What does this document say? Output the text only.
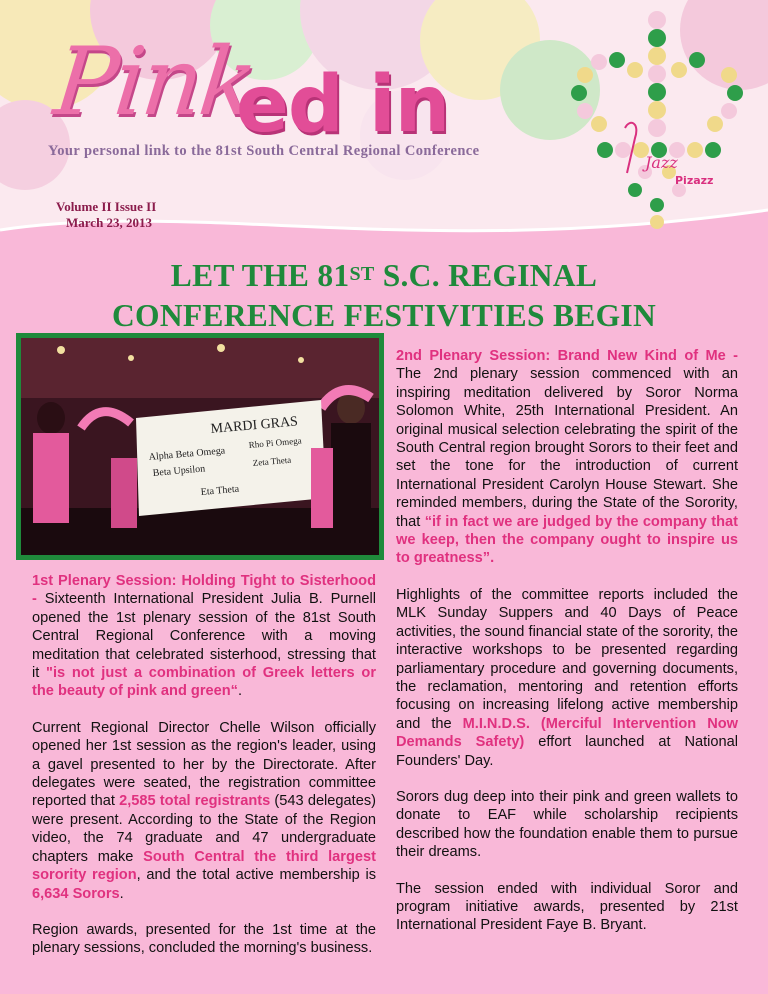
Pink
ed in
Your personal link to the 81st South Central Regional Conference
Volume II Issue II
March 23, 2013
Jazz
Pizazz
LET THE 81ST S.C. REGINAL
CONFERENCE FESTIVITIES BEGIN
MARDI GRAS
Alpha Beta Omega
Beta Upsilon
Rho Pi Omega
Zeta Theta
Eta Theta

1st Plenary Session: Holding Tight to Sisterhood - Sixteenth International President Julia B. Purnell opened the 1st plenary session of the 81st South Central Regional Conference with a moving meditation that celebrated sisterhood, stressing that it "is not just a combination of Greek letters or the beauty of pink and green“.

Current Regional Director Chelle Wilson officially opened her 1st session as the region's leader, using a gavel presented to her by the Directorate. After delegates were seated, the registration committee reported that 2,585 total registrants (543 delegates) were present. According to the State of the Region video, the 74 graduate and 47 undergraduate chapters make South Central the third largest sorority region, and the total active membership is 6,634 Sorors.

Region awards, presented for the 1st time at the plenary sessions, concluded the morning's business.

2nd Plenary Session: Brand New Kind of Me - The 2nd plenary session commenced with an inspiring meditation delivered by Soror Norma Solomon White, 25th International President. An original musical selection celebrating the spirit of the South Central region brought Sorors to their feet and set the tone for the introduction of current International President Carolyn House Stewart. She reminded members, during the State of the Sorority, that “if in fact we are judged by the company that we keep, then the company ought to inspire us to greatness”.

Highlights of the committee reports included the MLK Sunday Suppers and 40 Days of Peace activities, the sound financial state of the sorority, the interactive workshops to be presented regarding parliamentary procedure and governing documents, the reclamation, mentoring and retention efforts focusing on increasing lifelong active membership and the M.I.N.D.S. (Merciful Intervention Now Demands Safety) effort launched at National Founders' Day.

Sorors dug deep into their pink and green wallets to donate to EAF while scholarship recipients described how the foundation enable them to pursue their dreams.

The session ended with individual Soror and program initiative awards, presented by 21st International President Faye B. Bryant.
